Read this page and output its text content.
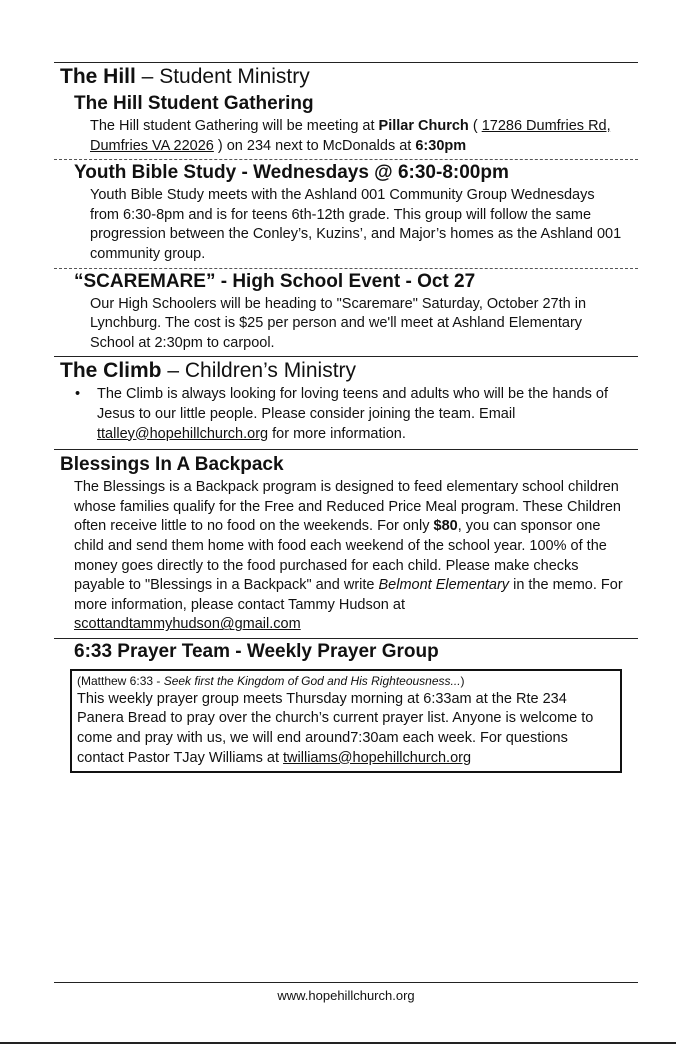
The Hill – Student Ministry
The Hill Student Gathering

The Hill student Gathering will be meeting at Pillar Church ( 17286 Dumfries Rd, Dumfries VA 22026 ) on 234 next to McDonalds at 6:30pm

Youth Bible Study - Wednesdays @ 6:30-8:00pm

Youth Bible Study meets with the Ashland 001 Community Group Wednesdays from 6:30-8pm and is for teens 6th-12th grade. This group will follow the same progression between the Conley’s, Kuzins’, and Major’s homes as the Ashland 001 community group.

“SCAREMARE” - High School Event - Oct 27

Our High Schoolers will be heading to "Scaremare" Saturday, October 27th in Lynchburg. The cost is $25 per person and we'll meet at Ashland Elementary School at 2:30pm to carpool.

The Climb – Children’s Ministry
• The Climb is always looking for loving teens and adults who will be the hands of Jesus to our little people. Please consider joining the team. Email ttalley@hopehillchurch.org for more information.
Blessings In A Backpack

The Blessings is a Backpack program is designed to feed elementary school children whose families qualify for the Free and Reduced Price Meal program. These Children often receive little to no food on the weekends. For only $80, you can sponsor one child and send them home with food each weekend of the school year. 100% of the money goes directly to the food purchased for each child. Please make checks payable to "Blessings in a Backpack" and write Belmont Elementary in the memo. For more information, please contact Tammy Hudson at scottandtammyhudson@gmail.com

6:33 Prayer Team - Weekly Prayer Group
(Matthew 6:33 - Seek first the Kingdom of God and His Righteousness...)
This weekly prayer group meets Thursday morning at 6:33am at the Rte 234 Panera Bread to pray over the church’s current prayer list. Anyone is welcome to come and pray with us, we will end around7:30am each week. For questions contact Pastor TJay Williams at twilliams@hopehillchurch.org
www.hopehillchurch.org
